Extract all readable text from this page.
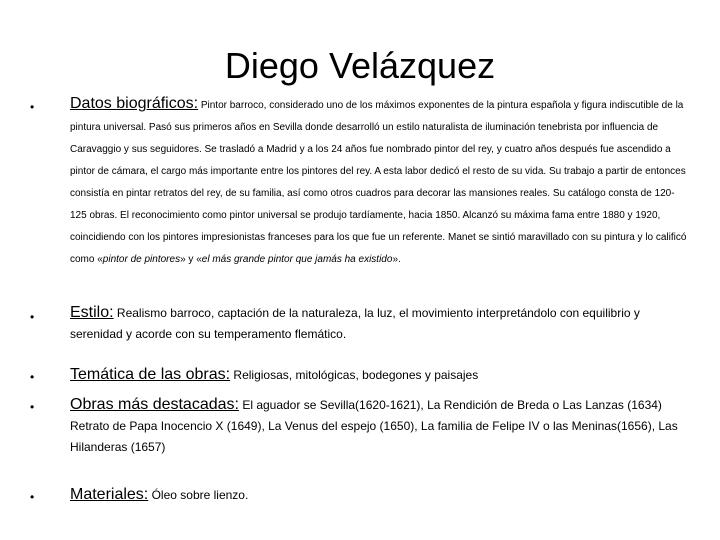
Diego Velázquez
• Datos biográficos: Pintor barroco, considerado uno de los máximos exponentes de la pintura española y figura indiscutible de la pintura universal. Pasó sus primeros años en Sevilla donde desarrolló un estilo naturalista de iluminación tenebrista por influencia de Caravaggio y sus seguidores. Se trasladó a Madrid y a los 24 años fue nombrado pintor del rey, y cuatro años después fue ascendido a pintor de cámara, el cargo más importante entre los pintores del rey. A esta labor dedicó el resto de su vida. Su trabajo a partir de entonces consistía en pintar retratos del rey, de su familia, así como otros cuadros para decorar las mansiones reales. Su catálogo consta de 120-125 obras. El reconocimiento como pintor universal se produjo tardíamente, hacia 1850. Alcanzó su máxima fama entre 1880 y 1920, coincidiendo con los pintores impresionistas franceses para los que fue un referente. Manet se sintió maravillado con su pintura y lo calificó como «pintor de pintores» y «el más grande pintor que jamás ha existido».

• Estilo: Realismo barroco, captación de la naturaleza, la luz, el movimiento interpretándolo con equilibrio y serenidad y acorde con su temperamento flemático.

• Temática de las obras: Religiosas, mitológicas, bodegones y paisajes

• Obras más destacadas: El aguador se Sevilla(1620-1621), La Rendición de Breda o Las Lanzas (1634) Retrato de Papa Inocencio X (1649), La Venus del espejo (1650), La familia de Felipe IV o las Meninas(1656), Las Hilanderas (1657)

• Materiales: Óleo sobre lienzo.
